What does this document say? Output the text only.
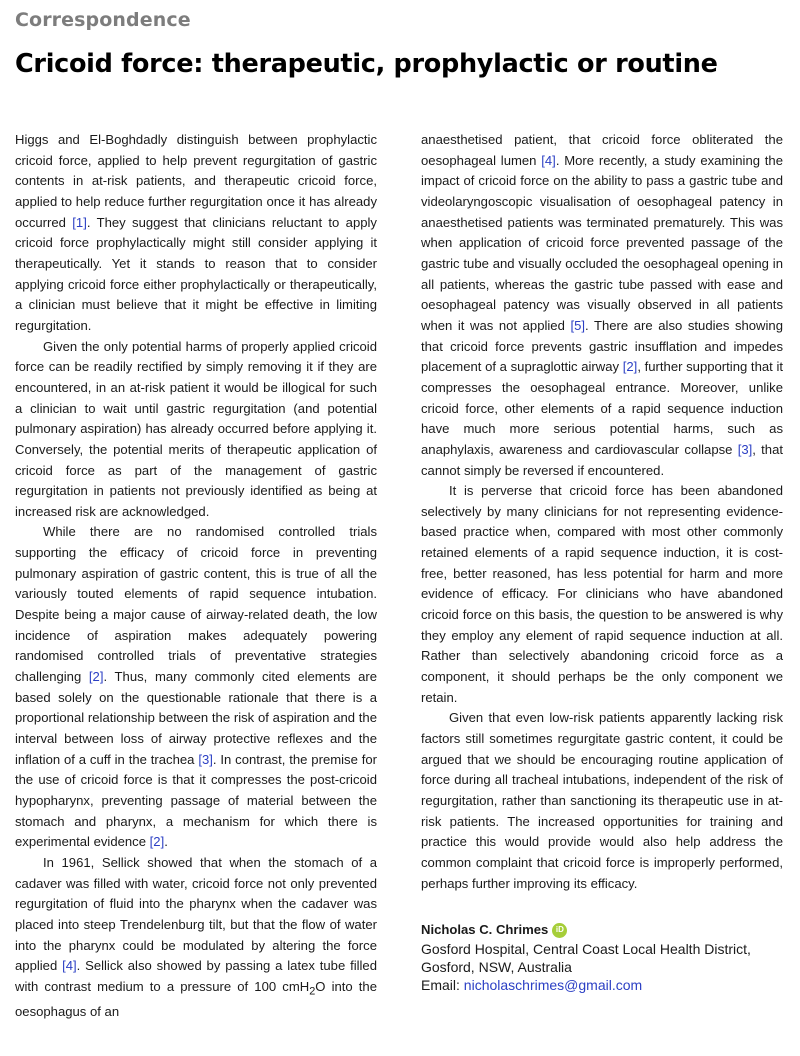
Correspondence
Cricoid force: therapeutic, prophylactic or routine

Higgs and El-Boghdadly distinguish between prophylactic cricoid force, applied to help prevent regurgitation of gastric contents in at-risk patients, and therapeutic cricoid force, applied to help reduce further regurgitation once it has already occurred [1]. They suggest that clinicians reluctant to apply cricoid force prophylactically might still consider applying it therapeutically. Yet it stands to reason that to consider applying cricoid force either prophylactically or therapeutically, a clinician must believe that it might be effective in limiting regurgitation.

Given the only potential harms of properly applied cricoid force can be readily rectified by simply removing it if they are encountered, in an at-risk patient it would be illogical for such a clinician to wait until gastric regurgitation (and potential pulmonary aspiration) has already occurred before applying it. Conversely, the potential merits of therapeutic application of cricoid force as part of the management of gastric regurgitation in patients not previously identified as being at increased risk are acknowledged.

While there are no randomised controlled trials supporting the efficacy of cricoid force in preventing pulmonary aspiration of gastric content, this is true of all the variously touted elements of rapid sequence intubation. Despite being a major cause of airway-related death, the low incidence of aspiration makes adequately powering randomised controlled trials of preventative strategies challenging [2]. Thus, many commonly cited elements are based solely on the questionable rationale that there is a proportional relationship between the risk of aspiration and the interval between loss of airway protective reflexes and the inflation of a cuff in the trachea [3]. In contrast, the premise for the use of cricoid force is that it compresses the post-cricoid hypopharynx, preventing passage of material between the stomach and pharynx, a mechanism for which there is experimental evidence [2].

In 1961, Sellick showed that when the stomach of a cadaver was filled with water, cricoid force not only prevented regurgitation of fluid into the pharynx when the cadaver was placed into steep Trendelenburg tilt, but that the flow of water into the pharynx could be modulated by altering the force applied [4]. Sellick also showed by passing a latex tube filled with contrast medium to a pressure of 100 cmH$_2$O into the oesophagus of an

anaesthetised patient, that cricoid force obliterated the oesophageal lumen [4]. More recently, a study examining the impact of cricoid force on the ability to pass a gastric tube and videolaryngoscopic visualisation of oesophageal patency in anaesthetised patients was terminated prematurely. This was when application of cricoid force prevented passage of the gastric tube and visually occluded the oesophageal opening in all patients, whereas the gastric tube passed with ease and oesophageal patency was visually observed in all patients when it was not applied [5]. There are also studies showing that cricoid force prevents gastric insufflation and impedes placement of a supraglottic airway [2], further supporting that it compresses the oesophageal entrance. Moreover, unlike cricoid force, other elements of a rapid sequence induction have much more serious potential harms, such as anaphylaxis, awareness and cardiovascular collapse [3], that cannot simply be reversed if encountered.

It is perverse that cricoid force has been abandoned selectively by many clinicians for not representing evidence-based practice when, compared with most other commonly retained elements of a rapid sequence induction, it is cost-free, better reasoned, has less potential for harm and more evidence of efficacy. For clinicians who have abandoned cricoid force on this basis, the question to be answered is why they employ any element of rapid sequence induction at all. Rather than selectively abandoning cricoid force as a component, it should perhaps be the only component we retain.

Given that even low-risk patients apparently lacking risk factors still sometimes regurgitate gastric content, it could be argued that we should be encouraging routine application of force during all tracheal intubations, independent of the risk of regurgitation, rather than sanctioning its therapeutic use in at-risk patients. The increased opportunities for training and practice this would provide would also help address the common complaint that cricoid force is improperly performed, perhaps further improving its efficacy.

Nicholas C. Chrimes iD
Gosford Hospital, Central Coast Local Health District, Gosford, NSW, Australia
Email: nicholaschrimes@gmail.com
